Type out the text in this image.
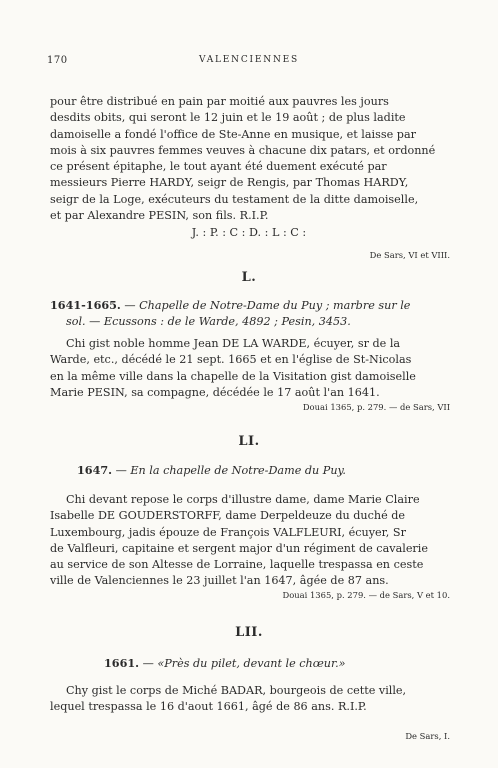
170	VALENCIENNES
pour être distribué en pain par moitié aux pauvres les jours
desdits obits, qui seront le 12 juin et le 19 août ; de plus ladite
damoiselle a fondé l'office de Ste-Anne en musique, et laisse par
mois à six pauvres femmes veuves à chacune dix patars, et ordonné
ce présent épitaphe, le tout ayant été duement exécuté par
messieurs Pierre HARDY, seigr de Rengis, par Thomas HARDY,
seigr de la Loge, exécuteurs du testament de la ditte damoiselle,
et par Alexandre PESIN, son fils. R.I.P.
J. : P. : C : D. : L : C :
De Sars, VI et VIII.
L.
1641-1665. — Chapelle de Notre-Dame du Puy ; marbre sur le
sol. — Ecussons : de le Warde, 4892 ; Pesin, 3453.
Chi gist noble homme Jean DE LA WARDE, écuyer, sr de la
Warde, etc., décédé le 21 sept. 1665 et en l'église de St-Nicolas
en la même ville dans la chapelle de la Visitation gist damoiselle
Marie PESIN, sa compagne, décédée le 17 août l'an 1641.
Douai 1365, p. 279. — de Sars, VII
LI.
1647. — En la chapelle de Notre-Dame du Puy.
Chi devant repose le corps d'illustre dame, dame Marie Claire
Isabelle DE GOUDERSTORFF, dame Derpeldeuze du duché de
Luxembourg, jadis épouze de François VALFLEURI, écuyer, Sr
de Valfleuri, capitaine et sergent major d'un régiment de cavalerie
au service de son Altesse de Lorraine, laquelle trespassa en ceste
ville de Valenciennes le 23 juillet l'an 1647, âgée de 87 ans.
Douai 1365, p. 279. — de Sars, V et 10.
LII.
1661. — «Près du pilet, devant le chœur.»
Chy gist le corps de Miché BADAR, bourgeois de cette ville,
lequel trespassa le 16 d'aout 1661, âgé de 86 ans. R.I.P.
De Sars, I.
